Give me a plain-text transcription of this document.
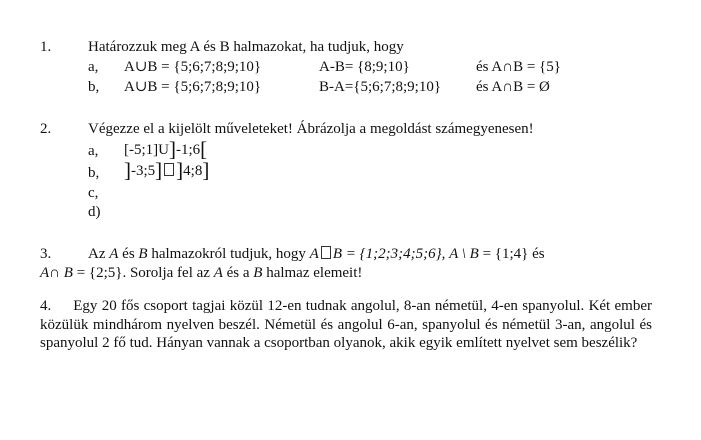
1. Határozzuk meg A és B halmazokat, ha tudjuk, hogy
a, A∪B = {5;6;7;8;9;10}	A-B= {8;9;10}	és A∩B = {5}
b, A∪B = {5;6;7;8;9;10}	B-A={5;6;7;8;9;10} és A∩B = Ø
2. Végezze el a kijelölt műveleteket! Ábrázolja a megoldást számegyenesen!
a, [-5;1]U]-1;6[
b, ]-3;5] ]4;8]
c,
d)
3. Az A és B halmazokról tudjuk, hogy A B = {1;2;3;4;5;6}, A \ B = {1;4} és
A∩ B = {2;5}. Sorolja fel az A és a B halmaz elemeit!
4. Egy 20 fős csoport tagjai közül 12-en tudnak angolul, 8-an németül, 4-en spanyolul. Két ember közülük mindhárom nyelven beszél. Németül és angolul 6-an, spanyolul és németül 3-an, angolul és spanyolul 2 fő tud. Hányan vannak a csoportban olyanok, akik egyik említett nyelvet sem beszélik?
